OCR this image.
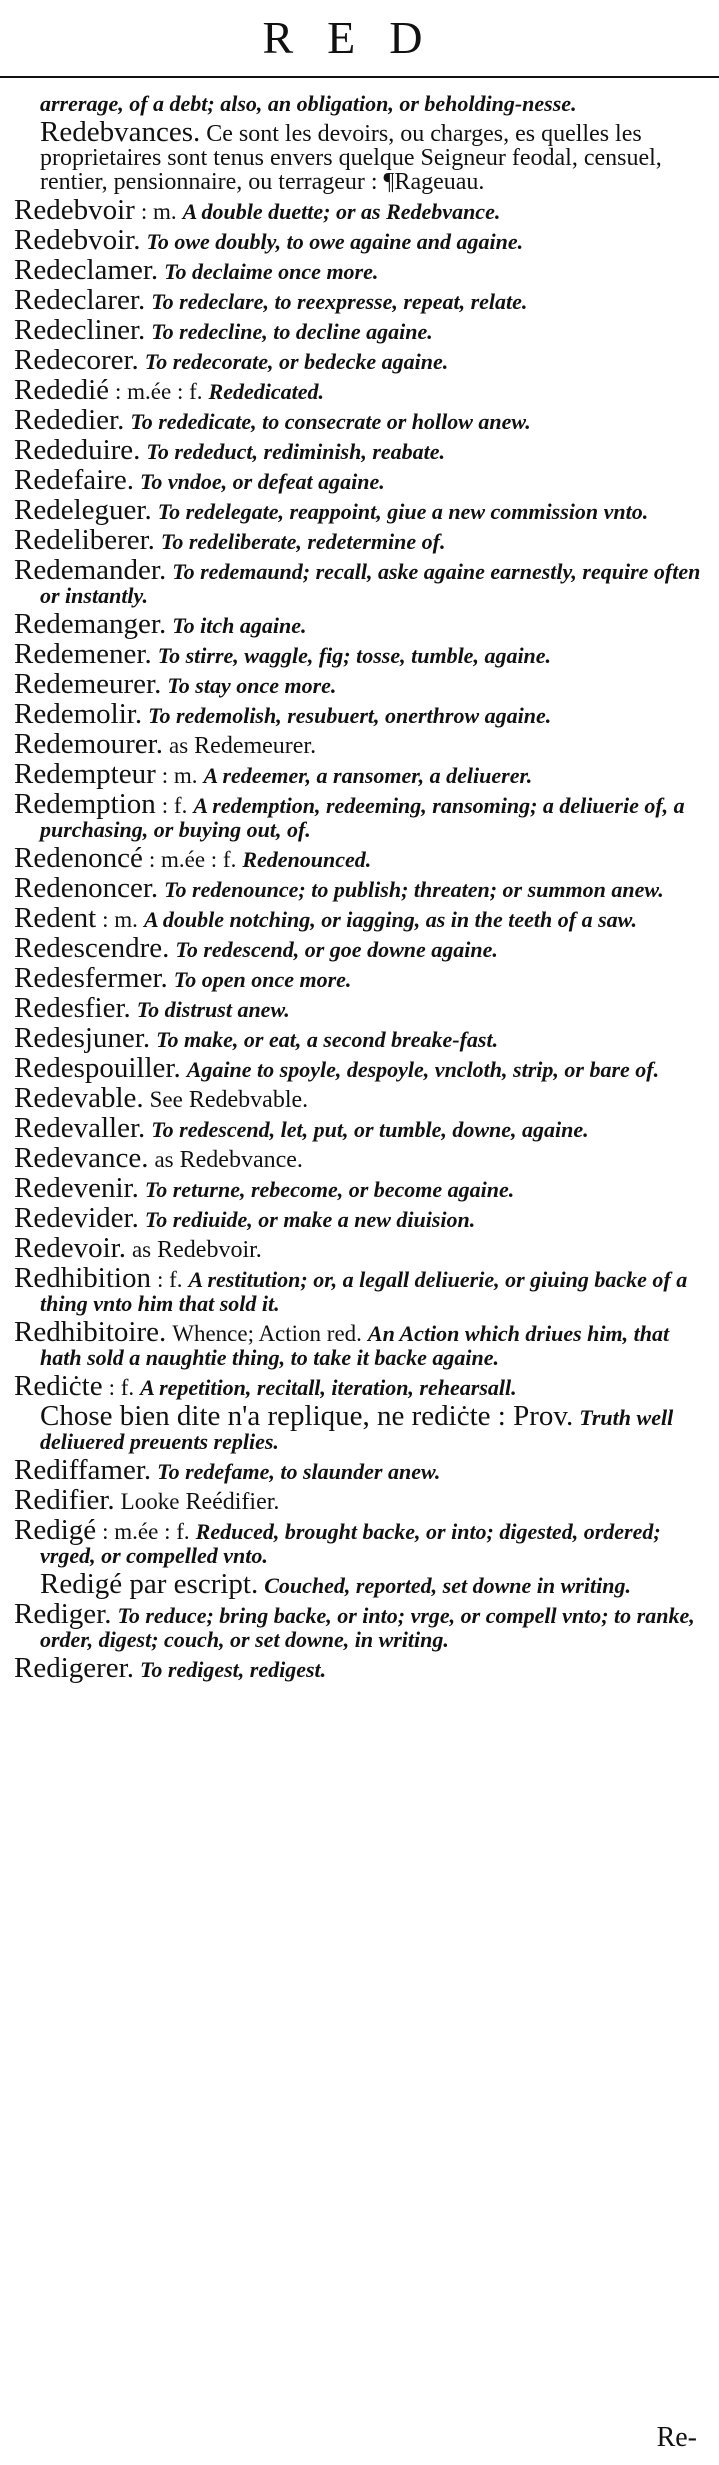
RED
arrerage, of a debt; also, an obligation, or beholding-nesse.
Redebvances. Ce sont les devoirs, ou charges, es quelles les proprietaires sont tenus envers quelque Seigneur feodal, censuel, rentier, pensionnaire, ou terrageur : ¶Rageuau.
Redebvoir : m. A double duette; or as Redebvance.
Redebvoir. To owe doubly, to owe againe and againe.
Redeclamer. To declaime once more.
Redeclarer. To redeclare, to reexpresse, repeat, relate.
Redecliner. To redecline, to decline againe.
Redecorer. To redecorate, or bedecke againe.
Rededié : m.ée : f. Rededicated.
Rededier. To rededicate, to consecrate or hollow anew.
Rededuire. To rededuct, rediminish, reabate.
Redefaire. To vndoe, or defeat againe.
Redeleguer. To redelegate, reappoint, giue a new commission vnto.
Redeliberer. To redeliberate, redetermine of.
Redemander. To redemaund; recall, aske againe earnestly, require often or instantly.
Redemanger. To itch againe.
Redemener. To stirre, waggle, fig; tosse, tumble, againe.
Redemeurer. To stay once more.
Redemolir. To redemolish, resubuert, onerthrow againe.
Redemourer. as Redemeurer.
Redempteur : m. A redeemer, a ransomer, a deliuerer.
Redemption : f. A redemption, redeeming, ransoming; a deliuerie of, a purchasing, or buying out, of.
Redenoncé : m.ée : f. Redenounced.
Redenoncer. To redenounce; to publish; threaten; or summon anew.
Redent : m. A double notching, or iagging, as in the teeth of a saw.
Redescendre. To redescend, or goe downe againe.
Redesfermer. To open once more.
Redesfier. To distrust anew.
Redesjuner. To make, or eat, a second breake-fast.
Redespouiller. Againe to spoyle, despoyle, vncloth, strip, or bare of.
Redevable. See Redebvable.
Redevaller. To redescend, let, put, or tumble, downe, againe.
Redevance. as Redebvance.
Redevenir. To returne, rebecome, or become againe.
Redevider. To rediuide, or make a new diuision.
Redevoir. as Redebvoir.
Redhibition : f. A restitution; or, a legall deliuerie, or giuing backe of a thing vnto him that sold it.
Redhibitoire. Whence; Action red. An Action which driues him, that hath sold a naughtie thing, to take it backe againe.
Rediċte : f. A repetition, recitall, iteration, rehearsall.
Chose bien dite n'a replique, ne rediċte : Prov. Truth well deliuered preuents replies.
Rediffamer. To redefame, to slaunder anew.
Redifier. Looke Reédifier.
Redigé : m.ée : f. Reduced, brought backe, or into; digested, ordered; vrged, or compelled vnto.
Redigé par escript. Couched, reported, set downe in writing.
Rediger. To reduce; bring backe, or into; vrge, or compell vnto; to ranke, order, digest; couch, or set downe, in writing.
Redigerer. To redigest, redigest.
Re-
